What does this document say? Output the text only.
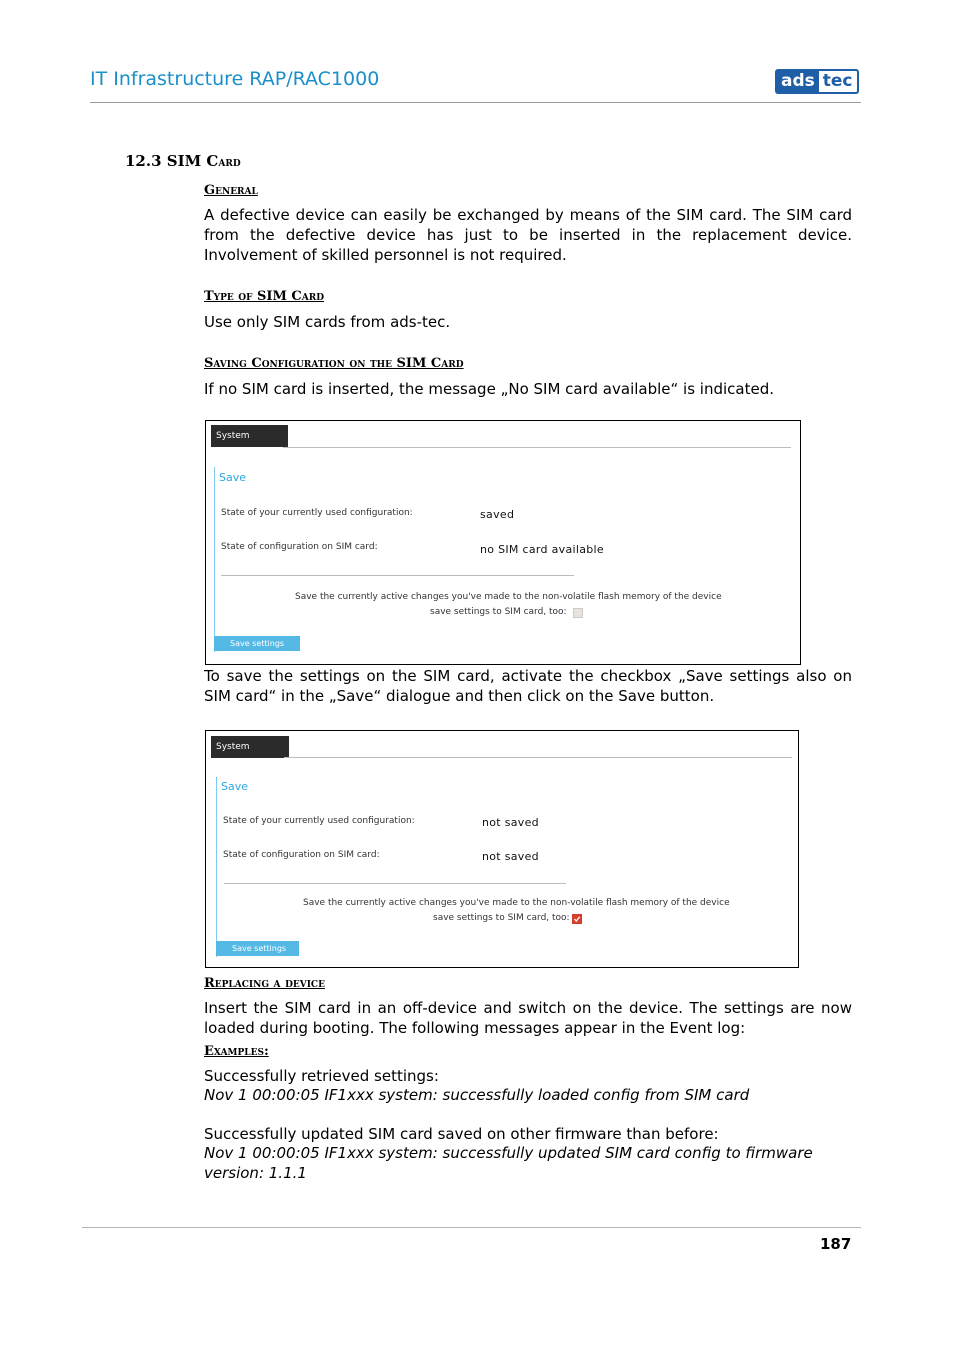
IT Infrastructure RAP/RAC1000	ads tec
12.3 SIM Card
General
A defective device can easily be exchanged by means of the SIM card. The SIM card from the defective device has just to be inserted in the replacement device. Involvement of skilled personnel is not required.
Type of SIM Card
Use only SIM cards from ads-tec.
Saving Configuration on the SIM Card
If no SIM card is inserted, the message „No SIM card available“ is indicated.
System
Save
State of your currently used configuration:	saved
State of configuration on SIM card:	no SIM card available
Save the currently active changes you've made to the non-volatile flash memory of the device
save settings to SIM card, too:
Save settings
To save the settings on the SIM card, activate the checkbox „Save settings also on SIM card“ in the „Save“ dialogue and then click on the Save button.
System
Save
State of your currently used configuration:	not saved
State of configuration on SIM card:	not saved
Save the currently active changes you've made to the non-volatile flash memory of the device
save settings to SIM card, too:
Save settings
Replacing a device
Insert the SIM card in an off-device and switch on the device. The settings are now loaded during booting. The following messages appear in the Event log:
Examples:
Successfully retrieved settings:
Nov 1 00:00:05 IF1xxx system: successfully loaded config from SIM card
Successfully updated SIM card saved on other firmware than before:
Nov 1 00:00:05 IF1xxx system: successfully updated SIM card config to firmware version: 1.1.1
187
